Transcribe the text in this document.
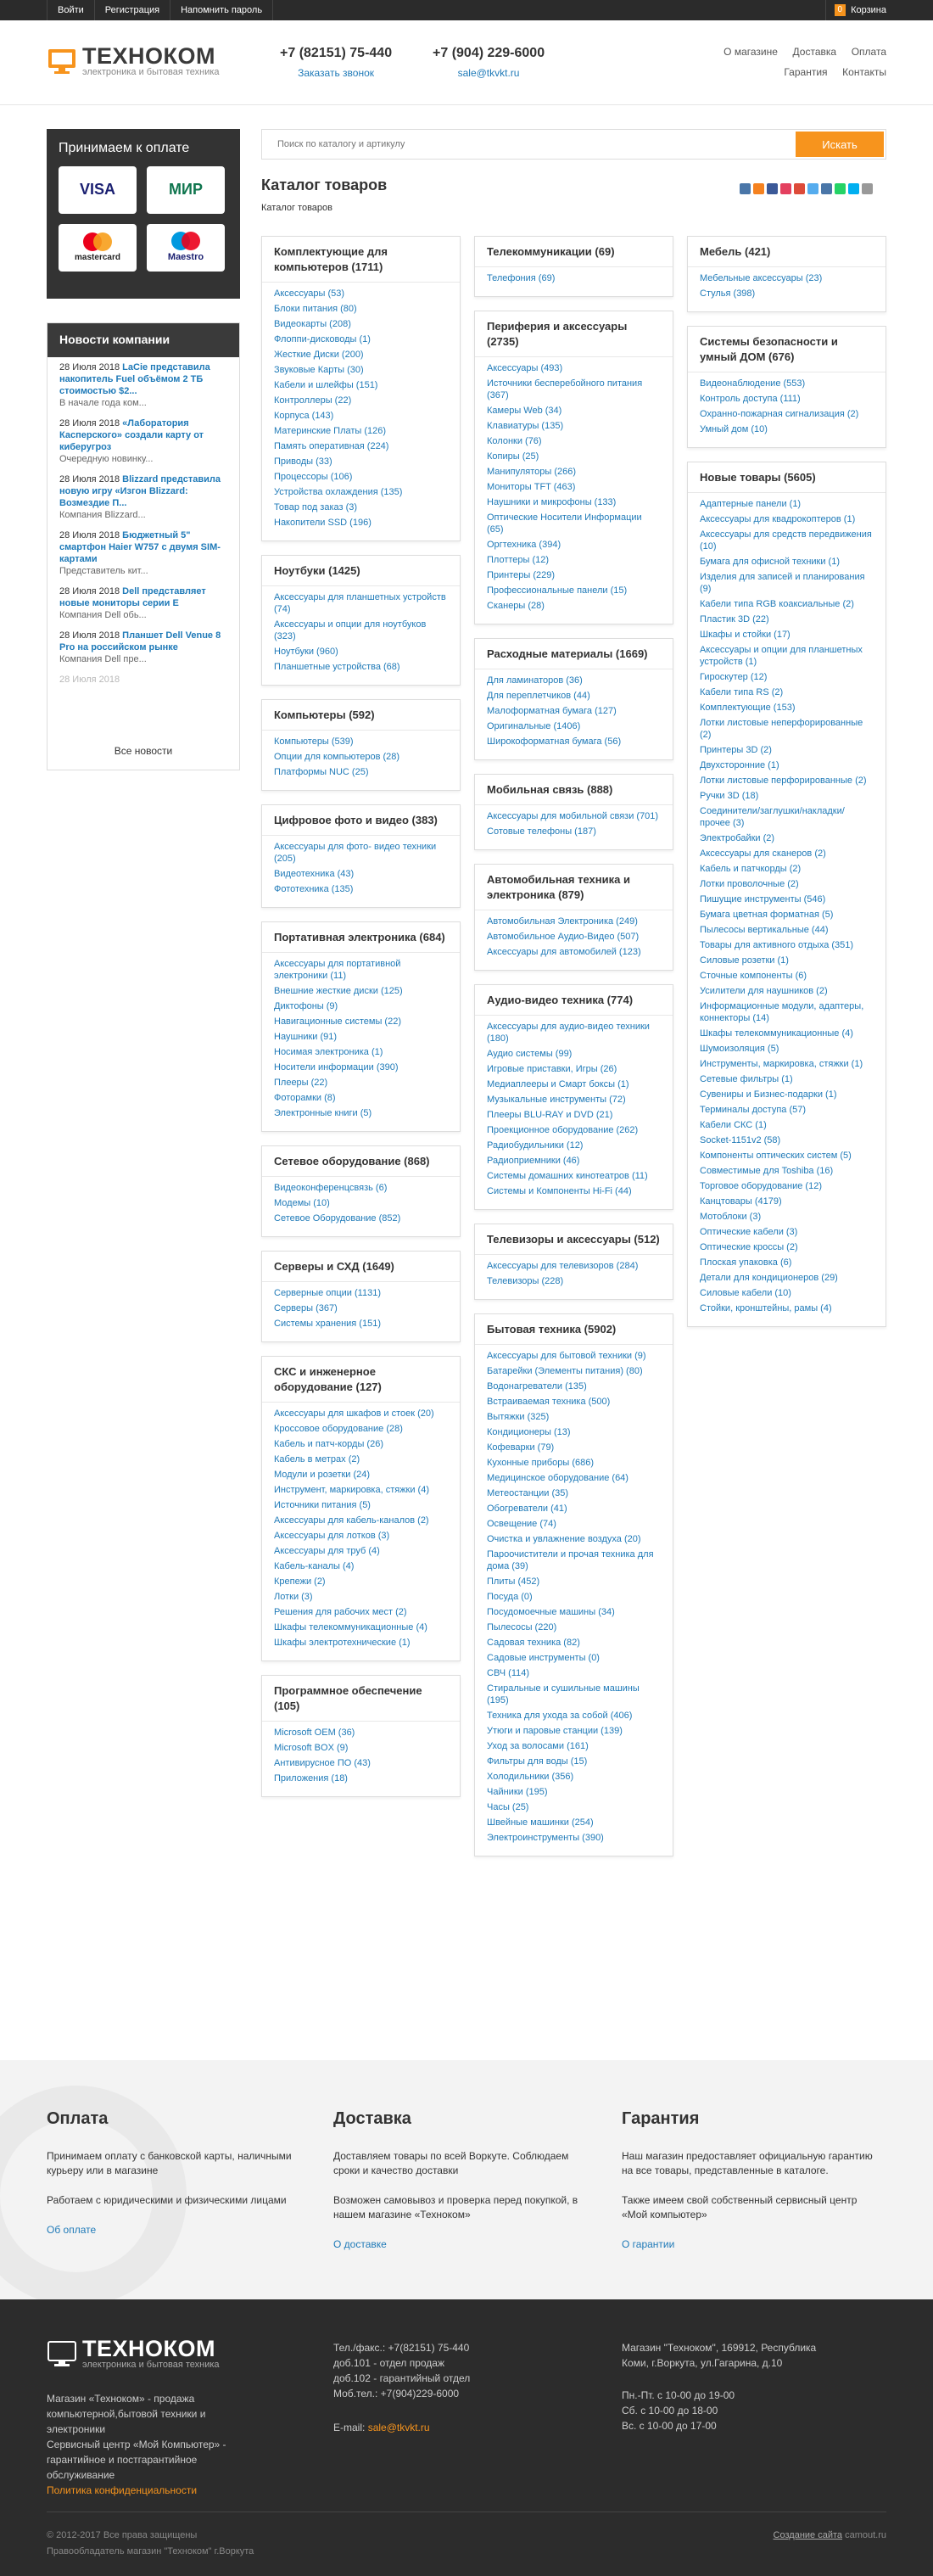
Войти	Регистрация	Напомнить пароль	0 Корзина
ТЕХНОКОМ
электроника и бытовая техника
+7 (82151) 75-440
Заказать звонок
+7 (904) 229-6000
sale@tkvkt.ru
О магазине Доставка Оплата
Гарантия Контакты
Принимаем к оплате
VISA	МИР
mastercard	Maestro
Новости компании
28 Июля 2018 LaCie представила накопитель Fuel объёмом 2 ТБ стоимостью $2...
В начале года ком...
28 Июля 2018 «Лаборатория Касперского» создали карту от киберугроз
Очередную новинку...
28 Июля 2018 Blizzard представила новую игру «Изгон Blizzard: Возмездие П...
Компания Blizzard...
28 Июля 2018 Бюджетный 5" смартфон Haier W757 с двумя SIM-картами
Представитель кит...
28 Июля 2018 Dell представляет новые мониторы серии E
Компания Dell обь...
28 Июля 2018 Планшет Dell Venue 8 Pro на российском рынке
Компания Dell пре...
28 Июля 2018
Все новости
Поиск по каталогу и артикулу
Искать
Каталог товаров
Каталог товаров
Комплектующие для компьютеров (1711)
Аксессуары (53)
Блоки питания (80)
Видеокарты (208)
Флоппи-дисководы (1)
Жесткие Диски (200)
Звуковые Карты (30)
Кабели и шлейфы (151)
Контроллеры (22)
Корпуса (143)
Материнские Платы (126)
Память оперативная (224)
Приводы (33)
Процессоры (106)
Устройства охлаждения (135)
Товар под заказ (3)
Накопители SSD (196)
Ноутбуки (1425)
Аксессуары для планшетных устройств (74)
Аксессуары и опции для ноутбуков (323)
Ноутбуки (960)
Планшетные устройства (68)
Компьютеры (592)
Компьютеры (539)
Опции для компьютеров (28)
Платформы NUC (25)
Цифровое фото и видео (383)
Аксессуары для фото- видео техники (205)
Видеотехника (43)
Фототехника (135)
Портативная электроника (684)
Аксессуары для портативной электроники (11)
Внешние жесткие диски (125)
Диктофоны (9)
Навигационные системы (22)
Наушники (91)
Носимая электроника (1)
Носители информации (390)
Плееры (22)
Фоторамки (8)
Электронные книги (5)
Сетевое оборудование (868)
Видеоконференцсвязь (6)
Модемы (10)
Сетевое Оборудование (852)
Серверы и СХД (1649)
Серверные опции (1131)
Серверы (367)
Системы хранения (151)
СКС и инженерное оборудование (127)
Аксессуары для шкафов и стоек (20)
Кроссовое оборудование (28)
Кабель и патч-корды (26)
Кабель в метрах (2)
Модули и розетки (24)
Инструмент, маркировка, стяжки (4)
Источники питания (5)
Аксессуары для кабель-каналов (2)
Аксессуары для лотков (3)
Аксессуары для труб (4)
Кабель-каналы (4)
Крепежи (2)
Лотки (3)
Решения для рабочих мест (2)
Шкафы телекоммуникационные (4)
Шкафы электротехнические (1)
Программное обеспечение (105)
Microsoft OEM (36)
Microsoft BOX (9)
Антивирусное ПО (43)
Приложения (18)
Телекоммуникации (69)
Телефония (69)
Периферия и аксессуары (2735)
Аксессуары (493)
Источники бесперебойного питания (367)
Камеры Web (34)
Клавиатуры (135)
Колонки (76)
Копиры (25)
Манипуляторы (266)
Мониторы TFT (463)
Наушники и микрофоны (133)
Оптические Носители Информации (65)
Оргтехника (394)
Плоттеры (12)
Принтеры (229)
Профессиональные панели (15)
Сканеры (28)
Расходные материалы (1669)
Для ламинаторов (36)
Для переплетчиков (44)
Малоформатная бумага (127)
Оригинальные (1406)
Широкоформатная бумага (56)
Мобильная связь (888)
Аксессуары для мобильной связи (701)
Сотовые телефоны (187)
Автомобильная техника и электроника (879)
Автомобильная Электроника (249)
Автомобильное Аудио-Видео (507)
Аксессуары для автомобилей (123)
Аудио-видео техника (774)
Аксессуары для аудио-видео техники (180)
Аудио системы (99)
Игровые приставки, Игры (26)
Медиаплееры и Смарт боксы (1)
Музыкальные инструменты (72)
Плееры BLU-RAY и DVD (21)
Проекционное оборудование (262)
Радиобудильники (12)
Радиоприемники (46)
Системы домашних кинотеатров (11)
Системы и Компоненты Hi-Fi (44)
Телевизоры и аксессуары (512)
Аксессуары для телевизоров (284)
Телевизоры (228)
Бытовая техника (5902)
Аксессуары для бытовой техники (9)
Батарейки (Элементы питания) (80)
Водонагреватели (135)
Встраиваемая техника (500)
Вытяжки (325)
Кондиционеры (13)
Кофеварки (79)
Кухонные приборы (686)
Медицинское оборудование (64)
Метеостанции (35)
Обогреватели (41)
Освещение (74)
Очистка и увлажнение воздуха (20)
Пароочистители и прочая техника для дома (39)
Плиты (452)
Посуда (0)
Посудомоечные машины (34)
Пылесосы (220)
Садовая техника (82)
Садовые инструменты (0)
СВЧ (114)
Стиральные и сушильные машины (195)
Техника для ухода за собой (406)
Утюги и паровые станции (139)
Уход за волосами (161)
Фильтры для воды (15)
Холодильники (356)
Чайники (195)
Часы (25)
Швейные машинки (254)
Электроинструменты (390)
Мебель (421)
Мебельные аксессуары (23)
Стулья (398)
Системы безопасности и умный ДОМ (676)
Видеонаблюдение (553)
Контроль доступа (111)
Охранно-пожарная сигнализация (2)
Умный дом (10)
Новые товары (5605)
Адаптерные панели (1)
Аксессуары для квадрокоптеров (1)
Аксессуары для средств передвижения (10)
Бумага для офисной техники (1)
Изделия для записей и планирования (9)
Кабели типа RGB коаксиальные (2)
Пластик 3D (22)
Шкафы и стойки (17)
Аксессуары и опции для планшетных устройств (1)
Гироскутер (12)
Кабели типа RS (2)
Комплектующие (153)
Лотки листовые неперфорированные (2)
Принтеры 3D (2)
Двухсторонние (1)
Лотки листовые перфорированные (2)
Ручки 3D (18)
Соединители/заглушки/накладки/прочее (3)
Электробайки (2)
Аксессуары для сканеров (2)
Кабель и патчкорды (2)
Лотки проволочные (2)
Пишущие инструменты (546)
Бумага цветная форматная (5)
Пылесосы вертикальные (44)
Товары для активного отдыха (351)
Силовые розетки (1)
Сточные компоненты (6)
Усилители для наушников (2)
Информационные модули, адаптеры, коннекторы (14)
Шкафы телекоммуникационные (4)
Шумоизоляция (5)
Инструменты, маркировка, стяжки (1)
Сетевые фильтры (1)
Сувениры и Бизнес-подарки (1)
Терминалы доступа (57)
Кабели СКС (1)
Socket-1151v2 (58)
Компоненты оптических систем (5)
Совместимые для Toshiba (16)
Торговое оборудование (12)
Канцтовары (4179)
Мотоблоки (3)
Оптические кабели (3)
Оптические кроссы (2)
Плоская упаковка (6)
Детали для кондиционеров (29)
Силовые кабели (10)
Стойки, кронштейны, рамы (4)
Оплата

Принимаем оплату с банковской карты, наличными курьеру или в магазине

Работаем с юридическими и физическими лицами

Об оплате
Доставка

Доставляем товары по всей Воркуте. Соблюдаем сроки и качество доставки

Возможен самовывоз и проверка перед покупкой, в нашем магазине «Техноком»

О доставке
Гарантия

Наш магазин предоставляет официальную гарантию на все товары, представленные в каталоге.

Также имеем свой собственный сервисный центр «Мой компьютер»

О гарантии
ТЕХНОКОМ
электроника и бытовая техника
Магазин «Техноком» - продажа компьютерной,бытовой техники и электроники
Сервисный центр «Мой Компьютер» - гарантийное и постгарантийное обслуживание
Политика конфиденциальности
Тел./факс.: +7(82151) 75-440
доб.101 - отдел продаж
доб.102 - гарантийный отдел
Моб.тел.: +7(904)229-6000
E-mail: sale@tkvkt.ru
Магазин "Техноком", 169912, Республика Коми, г.Воркута, ул.Гагарина, д.10
Пн.-Пт. с 10-00 до 19-00
Сб. с 10-00 до 18-00
Вс. с 10-00 до 17-00
© 2012-2017 Все права защищены
Правообладатель магазин "Техноком" г.Воркута
Создание сайта camout.ru
